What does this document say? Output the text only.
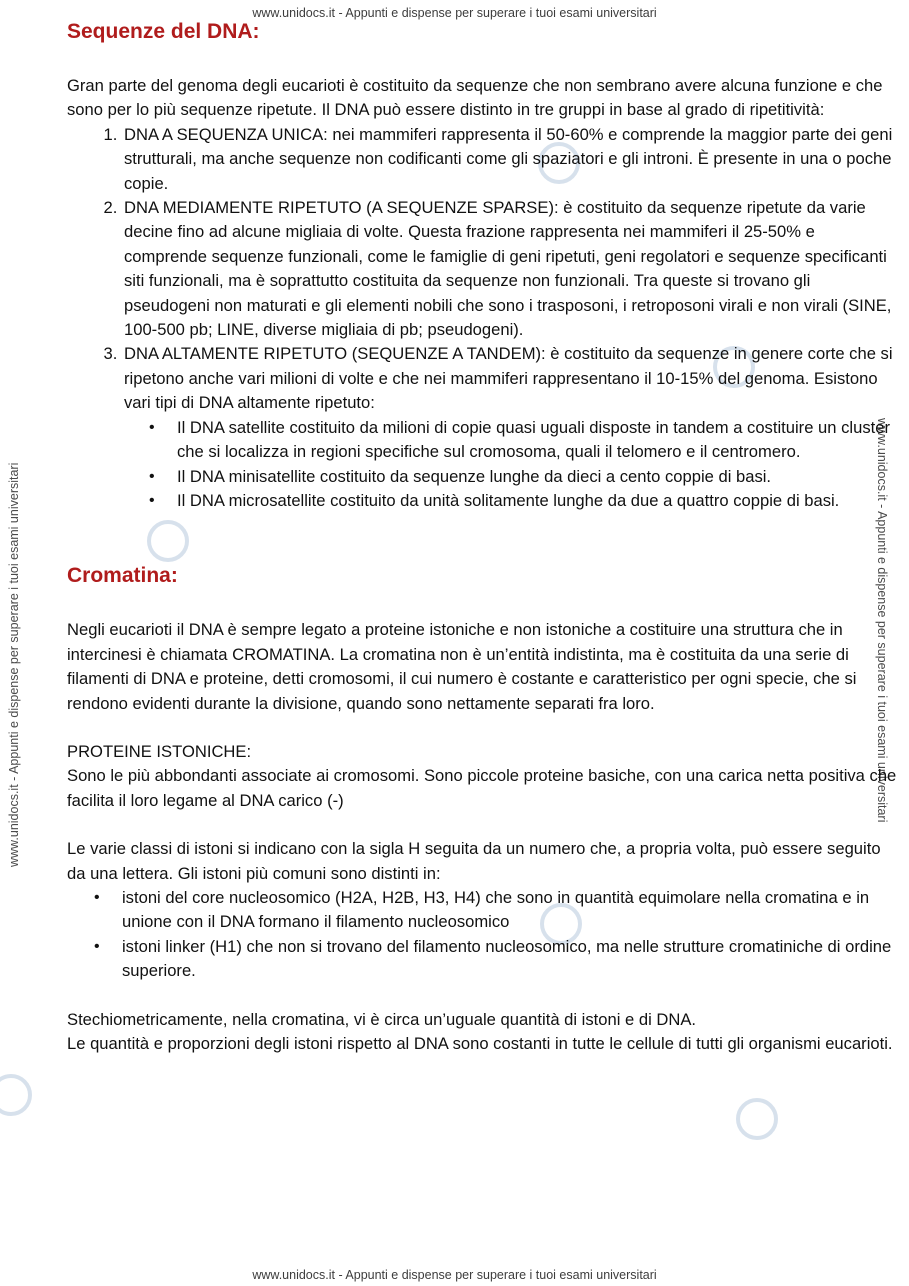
www.unidocs.it - Appunti e dispense per superare i tuoi esami universitari
www.unidocs.it - Appunti e dispense per superare i tuoi esami universitari
www.unidocs.it - Appunti e dispense per superare i tuoi esami universitari	www.unidocs.it - Appunti e dispense per superare i tuoi esami universitari
Sequenze del DNA:

Gran parte del genoma degli eucarioti è costituito da sequenze che non sembrano avere alcuna funzione e che sono per lo più sequenze ripetute. Il DNA può essere distinto in tre gruppi in base al grado di ripetitività:

1. DNA A SEQUENZA UNICA: nei mammiferi rappresenta il 50-60% e comprende la maggior parte dei geni strutturali, ma anche sequenze non codificanti come gli spaziatori e gli introni. È presente in una o poche copie.
2. DNA MEDIAMENTE RIPETUTO (A SEQUENZE SPARSE): è costituito da sequenze ripetute da varie decine fino ad alcune migliaia di volte. Questa frazione rappresenta nei mammiferi il 25-50% e comprende sequenze funzionali, come le famiglie di geni ripetuti, geni regolatori e sequenze specificanti siti funzionali, ma è soprattutto costituita da sequenze non funzionali. Tra queste si trovano gli pseudogeni non maturati e gli elementi nobili che sono i trasposoni, i retroposoni virali e non virali (SINE, 100-500 pb; LINE, diverse migliaia di pb; pseudogeni).
3. DNA ALTAMENTE RIPETUTO (SEQUENZE A TANDEM): è costituito da sequenze in genere corte che si ripetono anche vari milioni di volte e che nei mammiferi rappresentano il 10-15% del genoma. Esistono vari tipi di DNA altamente ripetuto:
• Il DNA satellite costituito da milioni di copie quasi uguali disposte in tandem a costituire un cluster che si localizza in regioni specifiche sul cromosoma, quali il telomero e il centromero.
• Il DNA minisatellite costituito da sequenze lunghe da dieci a cento coppie di basi.
• Il DNA microsatellite costituito da unità solitamente lunghe da due a quattro coppie di basi.
Cromatina:

Negli eucarioti il DNA è sempre legato a proteine istoniche e non istoniche a costituire una struttura che in intercinesi è chiamata CROMATINA. La cromatina non è un’entità indistinta, ma è costituita da una serie di filamenti di DNA e proteine, detti cromosomi, il cui numero è costante e caratteristico per ogni specie, che si rendono evidenti durante la divisione, quando sono nettamente separati fra loro.

PROTEINE ISTONICHE:

Sono le più abbondanti associate ai cromosomi. Sono piccole proteine basiche, con una carica netta positiva che facilita il loro legame al DNA carico (-)

Le varie classi di istoni si indicano con la sigla H seguita da un numero che, a propria volta, può essere seguito da una lettera. Gli istoni più comuni sono distinti in:

• istoni del core nucleosomico (H2A, H2B, H3, H4) che sono in quantità equimolare nella cromatina e in unione con il DNA formano il filamento nucleosomico
• istoni linker (H1) che non si trovano del filamento nucleosomico, ma nelle strutture cromatiniche di ordine superiore.

Stechiometricamente, nella cromatina, vi è circa un’uguale quantità di istoni e di DNA.

Le quantità e proporzioni degli istoni rispetto al DNA sono costanti in tutte le cellule di tutti gli organismi eucarioti.
